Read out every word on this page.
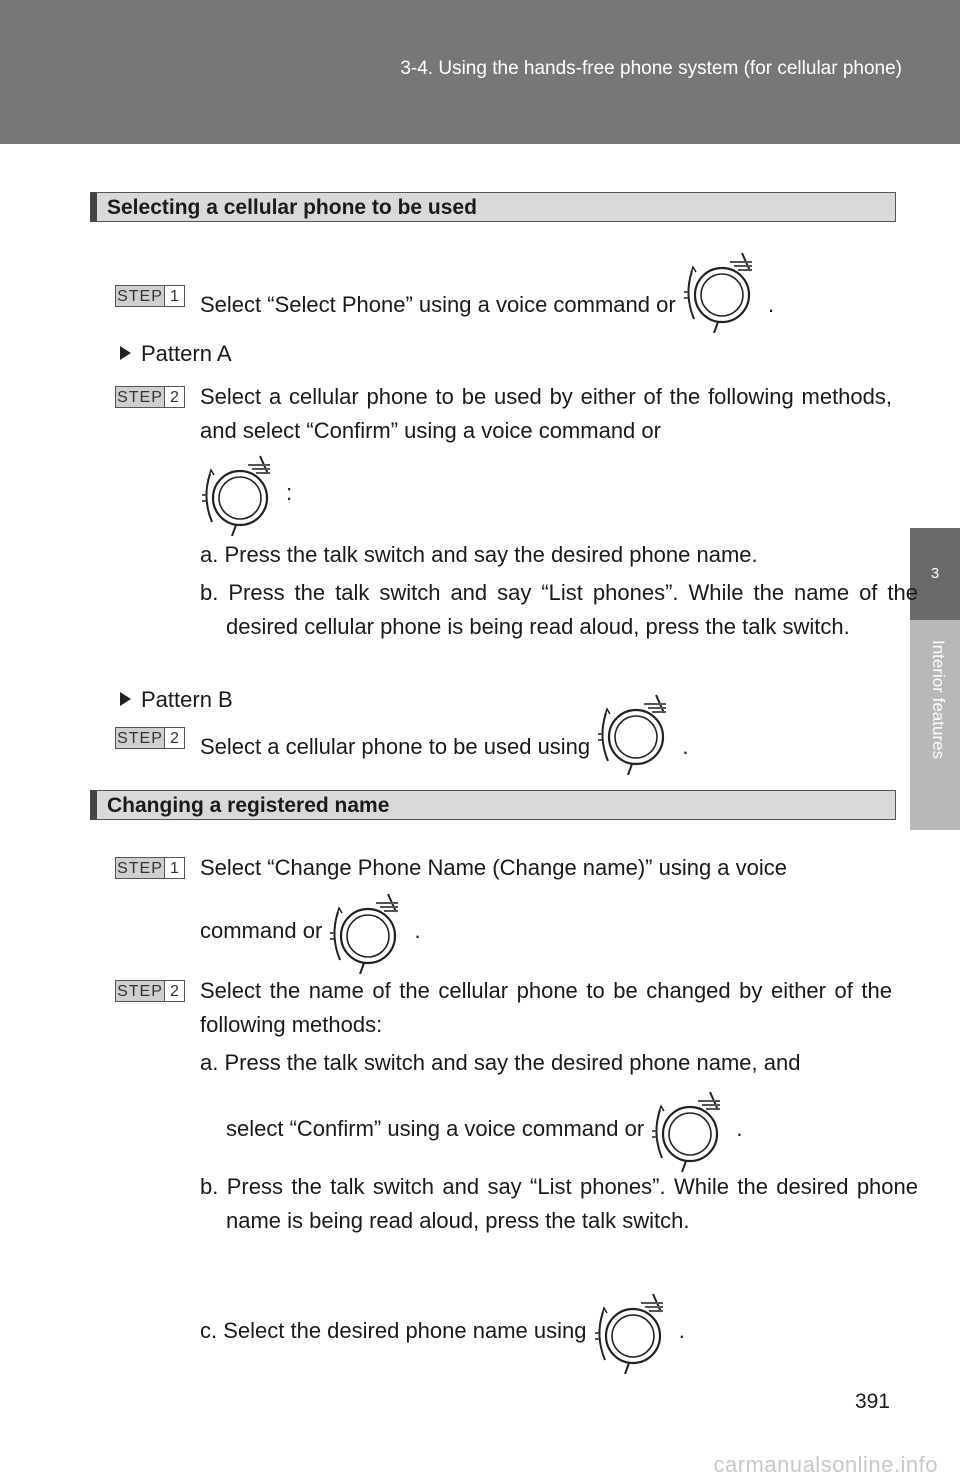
3-4. Using the hands-free phone system (for cellular phone)
3
Interior features
Selecting a cellular phone to be used
STEP 1 Select “Select Phone” using a voice command or	.
Pattern A
STEP 2 Select a cellular phone to be used by either of the following methods, and select “Confirm” using a voice command or
:
a. Press the talk switch and say the desired phone name.
b. Press the talk switch and say “List phones”. While the name of the desired cellular phone is being read aloud, press the talk switch.
Pattern B
STEP 2 Select a cellular phone to be used using	.
Changing a registered name
STEP 1 Select “Change Phone Name (Change name)” using a voice
command or	.
STEP 2 Select the name of the cellular phone to be changed by either of the following methods:
a. Press the talk switch and say the desired phone name, and
select “Confirm” using a voice command or	.
b. Press the talk switch and say “List phones”. While the desired phone name is being read aloud, press the talk switch.
c. Select the desired phone name using	.
391
carmanualsonline.info
